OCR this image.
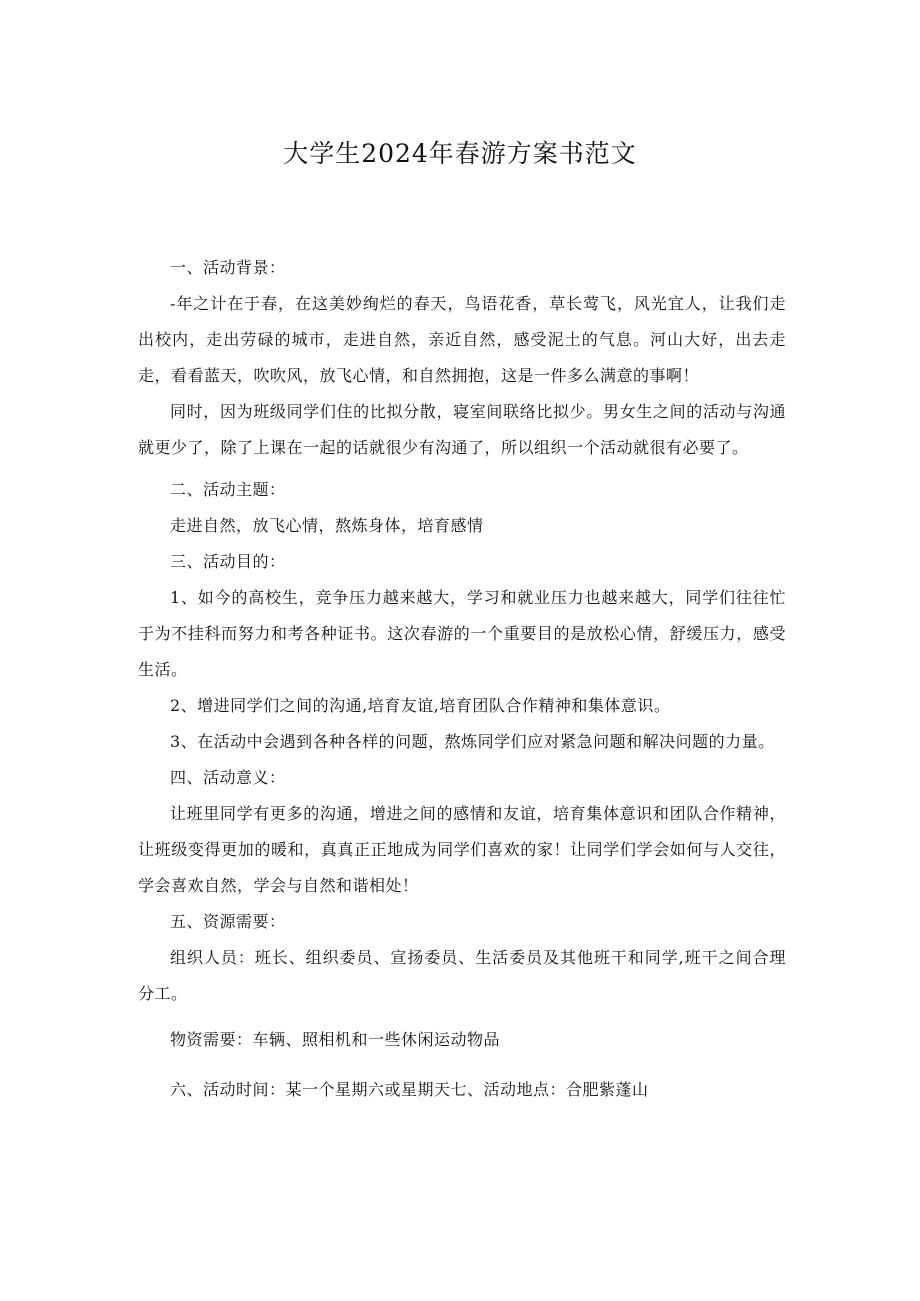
大学生2024年春游方案书范文

一、活动背景：

-年之计在于春，在这美妙绚烂的春天，鸟语花香，草长莺飞，风光宜人，让我们走出校内，走出劳碌的城市，走进自然，亲近自然，感受泥土的气息。河山大好，出去走走，看看蓝天，吹吹风，放飞心情，和自然拥抱，这是一件多么满意的事啊！

同时，因为班级同学们住的比拟分散，寝室间联络比拟少。男女生之间的活动与沟通就更少了，除了上课在一起的话就很少有沟通了，所以组织一个活动就很有必要了。

二、活动主题：

走进自然，放飞心情，熬炼身体，培育感情

三、活动目的：

1、如今的高校生，竞争压力越来越大，学习和就业压力也越来越大，同学们往往忙于为不挂科而努力和考各种证书。这次春游的一个重要目的是放松心情，舒缓压力，感受生活。

2、增进同学们之间的沟通,培育友谊,培育团队合作精神和集体意识。

3、在活动中会遇到各种各样的问题，熬炼同学们应对紧急问题和解决问题的力量。

四、活动意义：

让班里同学有更多的沟通，增进之间的感情和友谊，培育集体意识和团队合作精神，让班级变得更加的暖和，真真正正地成为同学们喜欢的家！让同学们学会如何与人交往，学会喜欢自然，学会与自然和谐相处！

五、资源需要：

组织人员：班长、组织委员、宣扬委员、生活委员及其他班干和同学,班干之间合理分工。

物资需要：车辆、照相机和一些休闲运动物品

六、活动时间：某一个星期六或星期天七、活动地点：合肥紫蓬山
